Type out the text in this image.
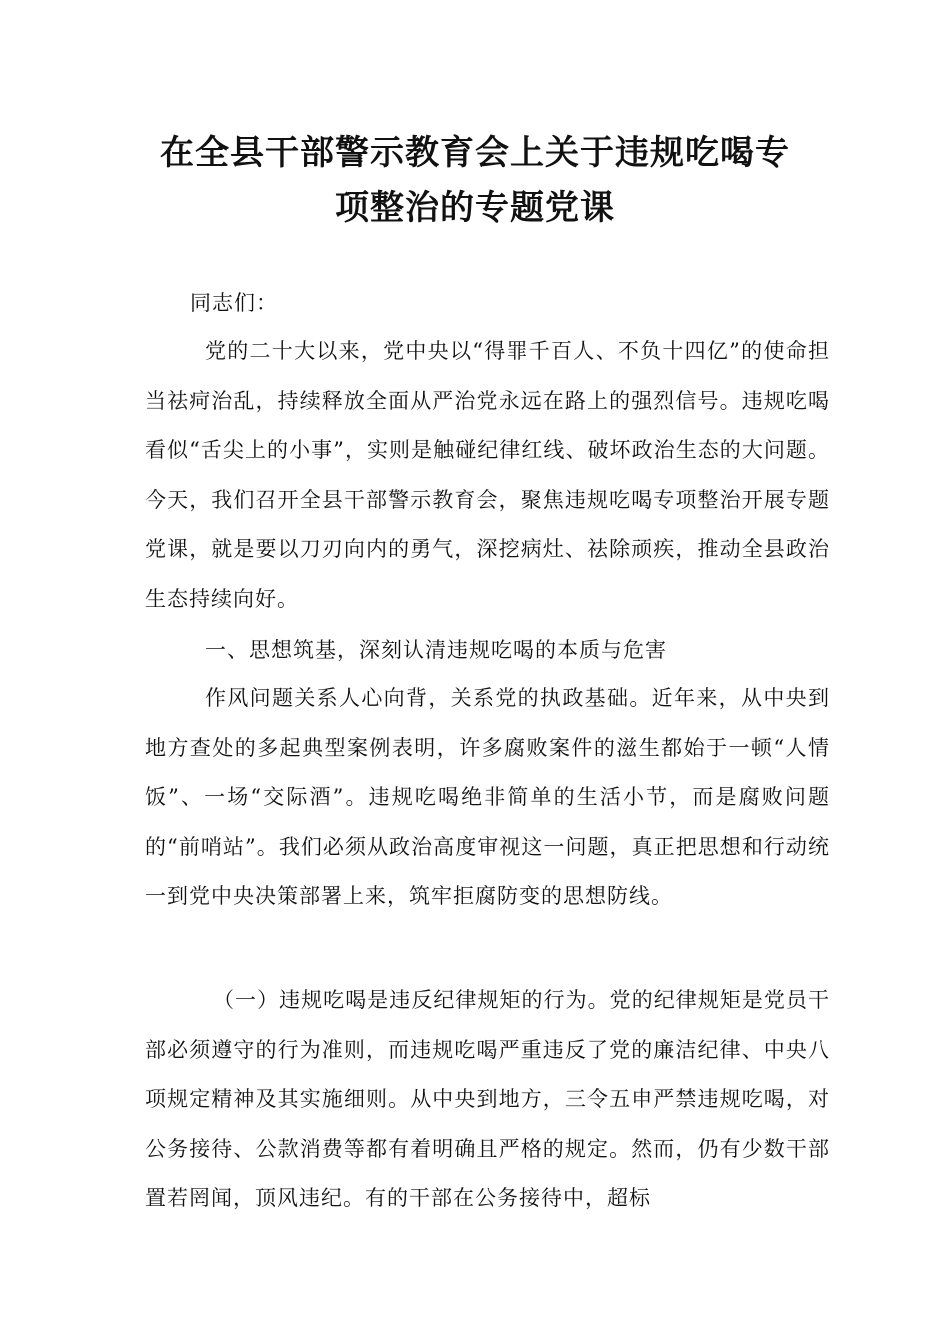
在全县干部警示教育会上关于违规吃喝专
项整治的专题党课

同志们：

党的二十大以来，党中央以“得罪千百人、不负十四亿”的使命担当祛疴治乱，持续释放全面从严治党永远在路上的强烈信号。违规吃喝看似“舌尖上的小事”，实则是触碰纪律红线、破坏政治生态的大问题。今天，我们召开全县干部警示教育会，聚焦违规吃喝专项整治开展专题党课，就是要以刀刃向内的勇气，深挖病灶、祛除顽疾，推动全县政治生态持续向好。

一、思想筑基，深刻认清违规吃喝的本质与危害

作风问题关系人心向背，关系党的执政基础。近年来，从中央到地方查处的多起典型案例表明，许多腐败案件的滋生都始于一顿“人情饭”、一场“交际酒”。违规吃喝绝非简单的生活小节，而是腐败问题的“前哨站”。我们必须从政治高度审视这一问题，真正把思想和行动统一到党中央决策部署上来，筑牢拒腐防变的思想防线。

（一）违规吃喝是违反纪律规矩的行为。党的纪律规矩是党员干部必须遵守的行为准则，而违规吃喝严重违反了党的廉洁纪律、中央八项规定精神及其实施细则。从中央到地方，三令五申严禁违规吃喝，对公务接待、公款消费等都有着明确且严格的规定。然而，仍有少数干部置若罔闻，顶风违纪。有的干部在公务接待中，超标
